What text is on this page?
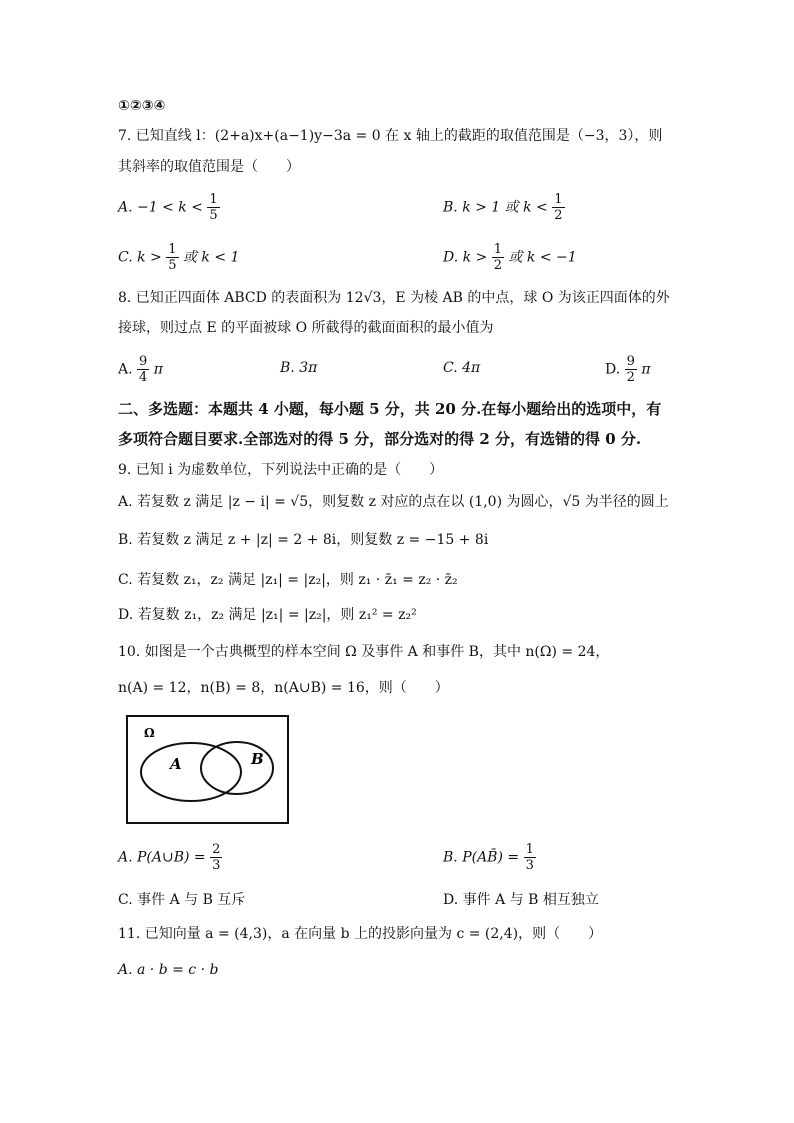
①②③④
7. 已知直线 l：(2+a)x+(a−1)y−3a = 0 在 x 轴上的截距的取值范围是（−3，3），则
其斜率的取值范围是（　　）
A. $-1 < k < \frac{1}{5}$	B. k > 1 或 $k < \frac{1}{2}$
C. $k > \frac{1}{5}$ 或 k < 1	D. $k > \frac{1}{2}$ 或 k < −1
8. 已知正四面体 ABCD 的表面积为 12√3，E 为棱 AB 的中点，球 O 为该正四面体的外
接球，则过点 E 的平面被球 O 所截得的截面面积的最小值为
A. $\frac{9}{4}$ π	B. 3π	C. 4π	D. $\frac{9}{2}$ π
二、多选题：本题共 4 小题，每小题 5 分，共 20 分.在每小题给出的选项中，有
多项符合题目要求.全部选对的得 5 分，部分选对的得 2 分，有选错的得 0 分.
9. 已知 i 为虚数单位，下列说法中正确的是（　　）
A. 若复数 z 满足 |z − i| = √5，则复数 z 对应的点在以 (1,0) 为圆心，√5 为半径的圆上
B. 若复数 z 满足 z + |z| = 2 + 8i，则复数 z = −15 + 8i
C. 若复数 z₁，z₂ 满足 |z₁| = |z₂|，则 z₁ · z̄₁ = z₂ · z̄₂
D. 若复数 z₁，z₂ 满足 |z₁| = |z₂|，则 z₁² = z₂²
10. 如图是一个古典概型的样本空间 Ω 及事件 A 和事件 B，其中 n(Ω) = 24，
n(A) = 12，n(B) = 8，n(A∪B) = 16，则（　　）
Ω
A	B
A. P(A∪B) = $\frac{2}{3}$	B. P(AB̄) = $\frac{1}{3}$
C. 事件 A 与 B 互斥	D. 事件 A 与 B 相互独立
11. 已知向量 a = (4,3)，a 在向量 b 上的投影向量为 c = (2,4)，则（　　）
A. a · b = c · b
